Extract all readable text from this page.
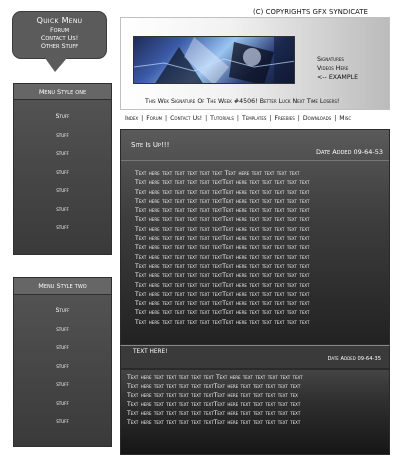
Quick Menu
Forum
Contact Us!
Other Stuff
(C) COPYRIGHTS GFX SYNDICATE
Signatures
Videos Here
<-- EXAMPLE
This Wek Signature Of The Week #4506! Better Luck Next Time Losers!
Index | Forum | Contact Us! | Tutorials | Templates | Freebies | Downloads | Misc
Menu Style one
Stuff
stuff
stuff
stuff
stuff
stuff
stuff
Menu Style two
Stuff
stuff
stuff
stuff
stuff
stuff
stuff
Site Is Up!!!
Date Added 09-64-53
Text here text text text text text Text here text text text text
Text here text text text text textText here text text text text text
Text here text text text text textText here text text text text text
Text here text text text text textText here text text text text text
Text here text text text text textText here text text text text text
Text here text text text text textText here text text text text text
Text here text text text text textText here text text text text text
Text here text text text text textText here text text text text text
Text here text text text text textText here text text text text text
Text here text text text text textText here text text text text text
Text here text text text text textText here text text text text text
Text here text text text text textText here text text text text text
Text here text text text text textText here text text text text text
Text here text text text text textText here text text text text text
Text here text text text text textText here text text text text text
Text here text text text text textText here text text text text text
Text here text text text text textText here text text text text text
TEXT HERE!
Date Added 09-64-35
Text here text text text text text Text here text text text text text
Text here text text text text textText here text text text text text
Text here text text text text textText here text text text text tex
Text here text text text text textText here text text text text text
Text here text text text text textText here text text text text text
Text here text text text text textText here text text text text text
